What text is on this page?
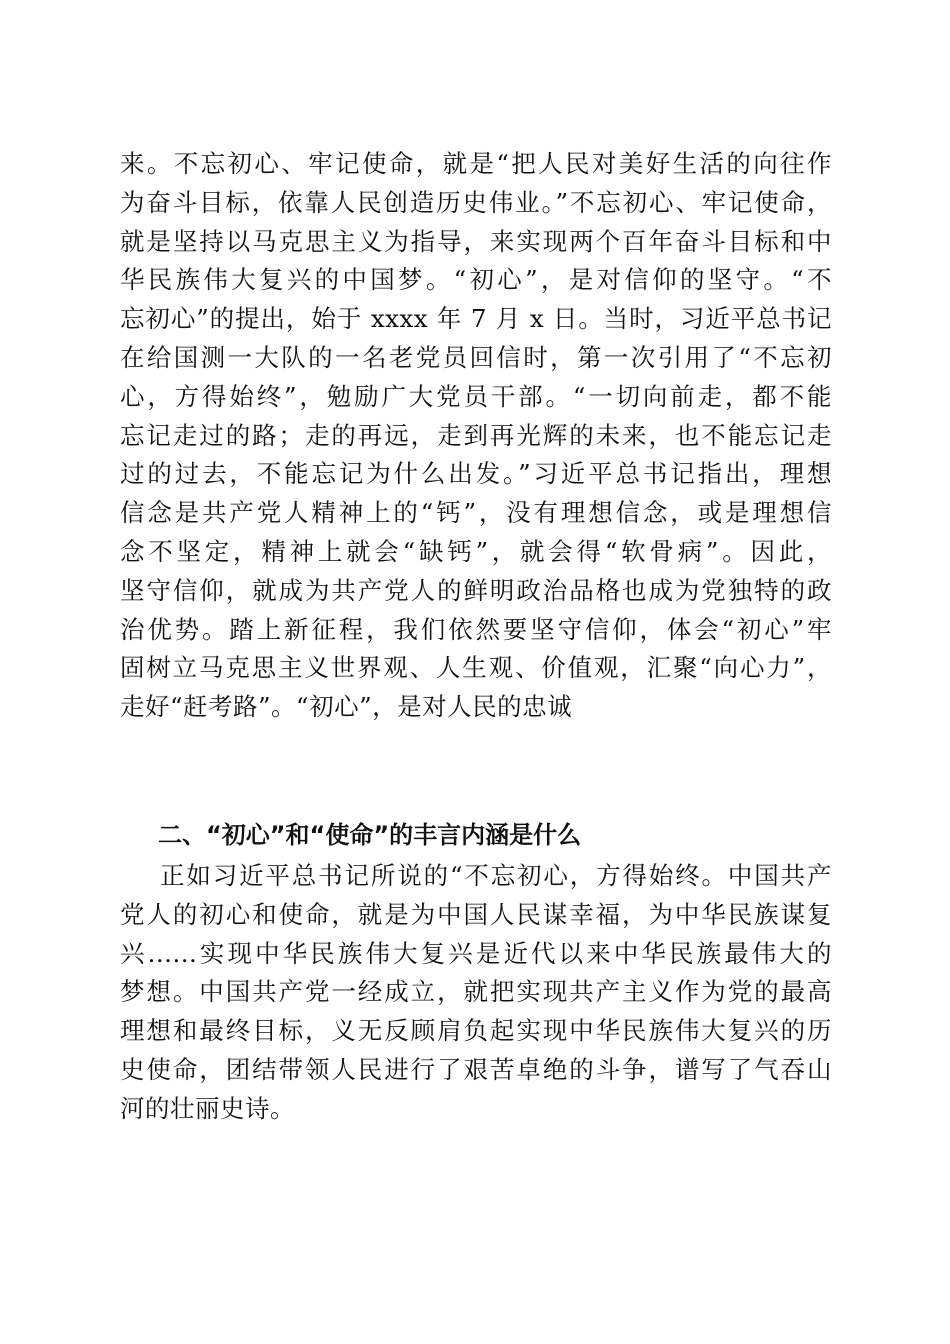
来。不忘初心、牢记使命，就是“把人民对美好生活的向往作
为奋斗目标，依靠人民创造历史伟业。”不忘初心、牢记使命，
就是坚持以马克思主义为指导，来实现两个百年奋斗目标和中
华民族伟大复兴的中国梦。“初心”，是对信仰的坚守。“不
忘初心”的提出，始于 xxxx 年 7 月 x 日。当时，习近平总书记
在给国测一大队的一名老党员回信时，第一次引用了“不忘初
心，方得始终”，勉励广大党员干部。“一切向前走，都不能
忘记走过的路；走的再远，走到再光辉的未来，也不能忘记走
过的过去，不能忘记为什么出发。”习近平总书记指出，理想
信念是共产党人精神上的“钙”，没有理想信念，或是理想信
念不坚定，精神上就会“缺钙”，就会得“软骨病”。因此，
坚守信仰，就成为共产党人的鲜明政治品格也成为党独特的政
治优势。踏上新征程，我们依然要坚守信仰，体会“初心”牢
固树立马克思主义世界观、人生观、价值观，汇聚“向心力”，
走好“赶考路”。“初心”，是对人民的忠诚
二、“初心”和“使命”的丰言内涵是什么
正如习近平总书记所说的“不忘初心，方得始终。中国共产
党人的初心和使命，就是为中国人民谋幸福，为中华民族谋复
兴......实现中华民族伟大复兴是近代以来中华民族最伟大的
梦想。中国共产党一经成立，就把实现共产主义作为党的最高
理想和最终目标，义无反顾肩负起实现中华民族伟大复兴的历
史使命，团结带领人民进行了艰苦卓绝的斗争，谱写了气吞山
河的壮丽史诗。
